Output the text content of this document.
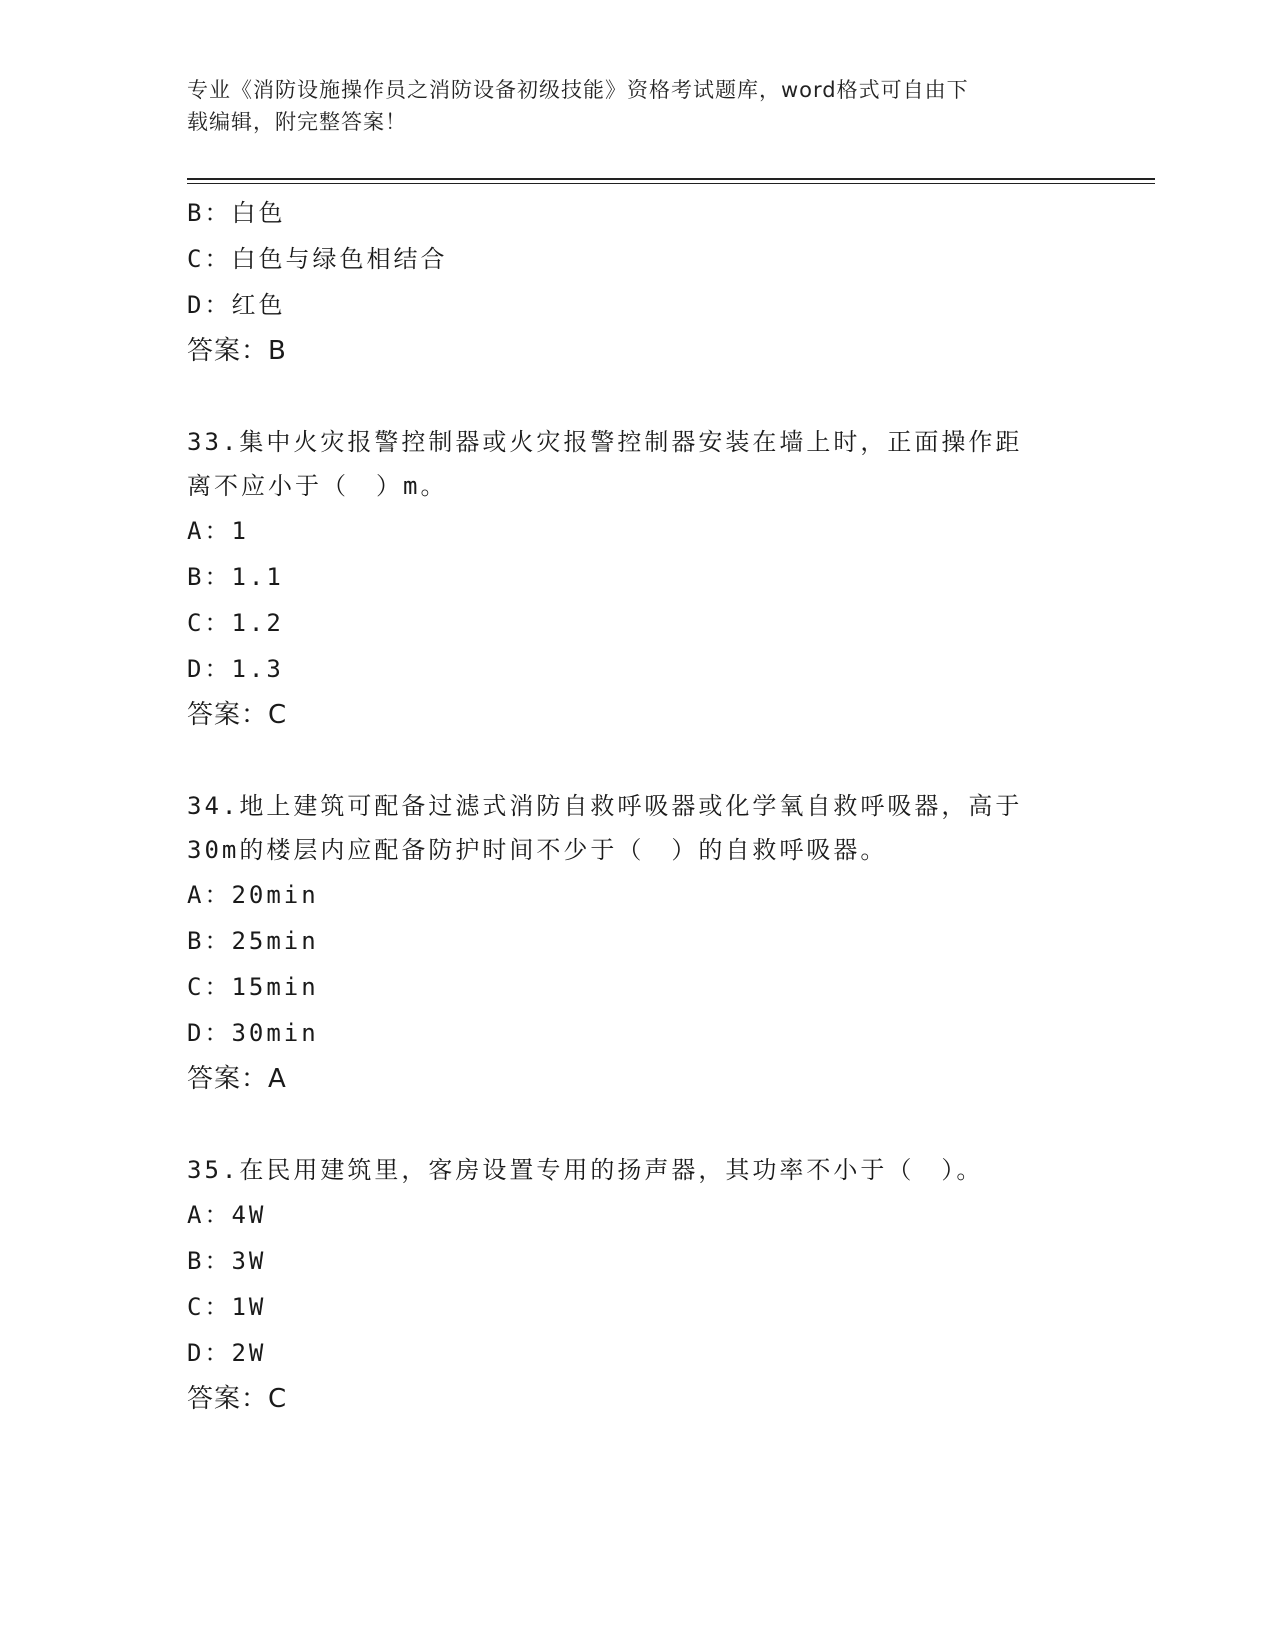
专业《消防设施操作员之消防设备初级技能》资格考试题库，word格式可自由下
载编辑，附完整答案！
B：白色
C：白色与绿色相结合
D：红色
答案：B
33.集中火灾报警控制器或火灾报警控制器安装在墙上时，正面操作距
离不应小于（　）m。
A：1
B：1.1
C：1.2
D：1.3
答案：C
34.地上建筑可配备过滤式消防自救呼吸器或化学氧自救呼吸器，高于
30m的楼层内应配备防护时间不少于（　）的自救呼吸器。
A：20min
B：25min
C：15min
D：30min
答案：A
35.在民用建筑里，客房设置专用的扬声器，其功率不小于（　）。
A：4W
B：3W
C：1W
D：2W
答案：C
